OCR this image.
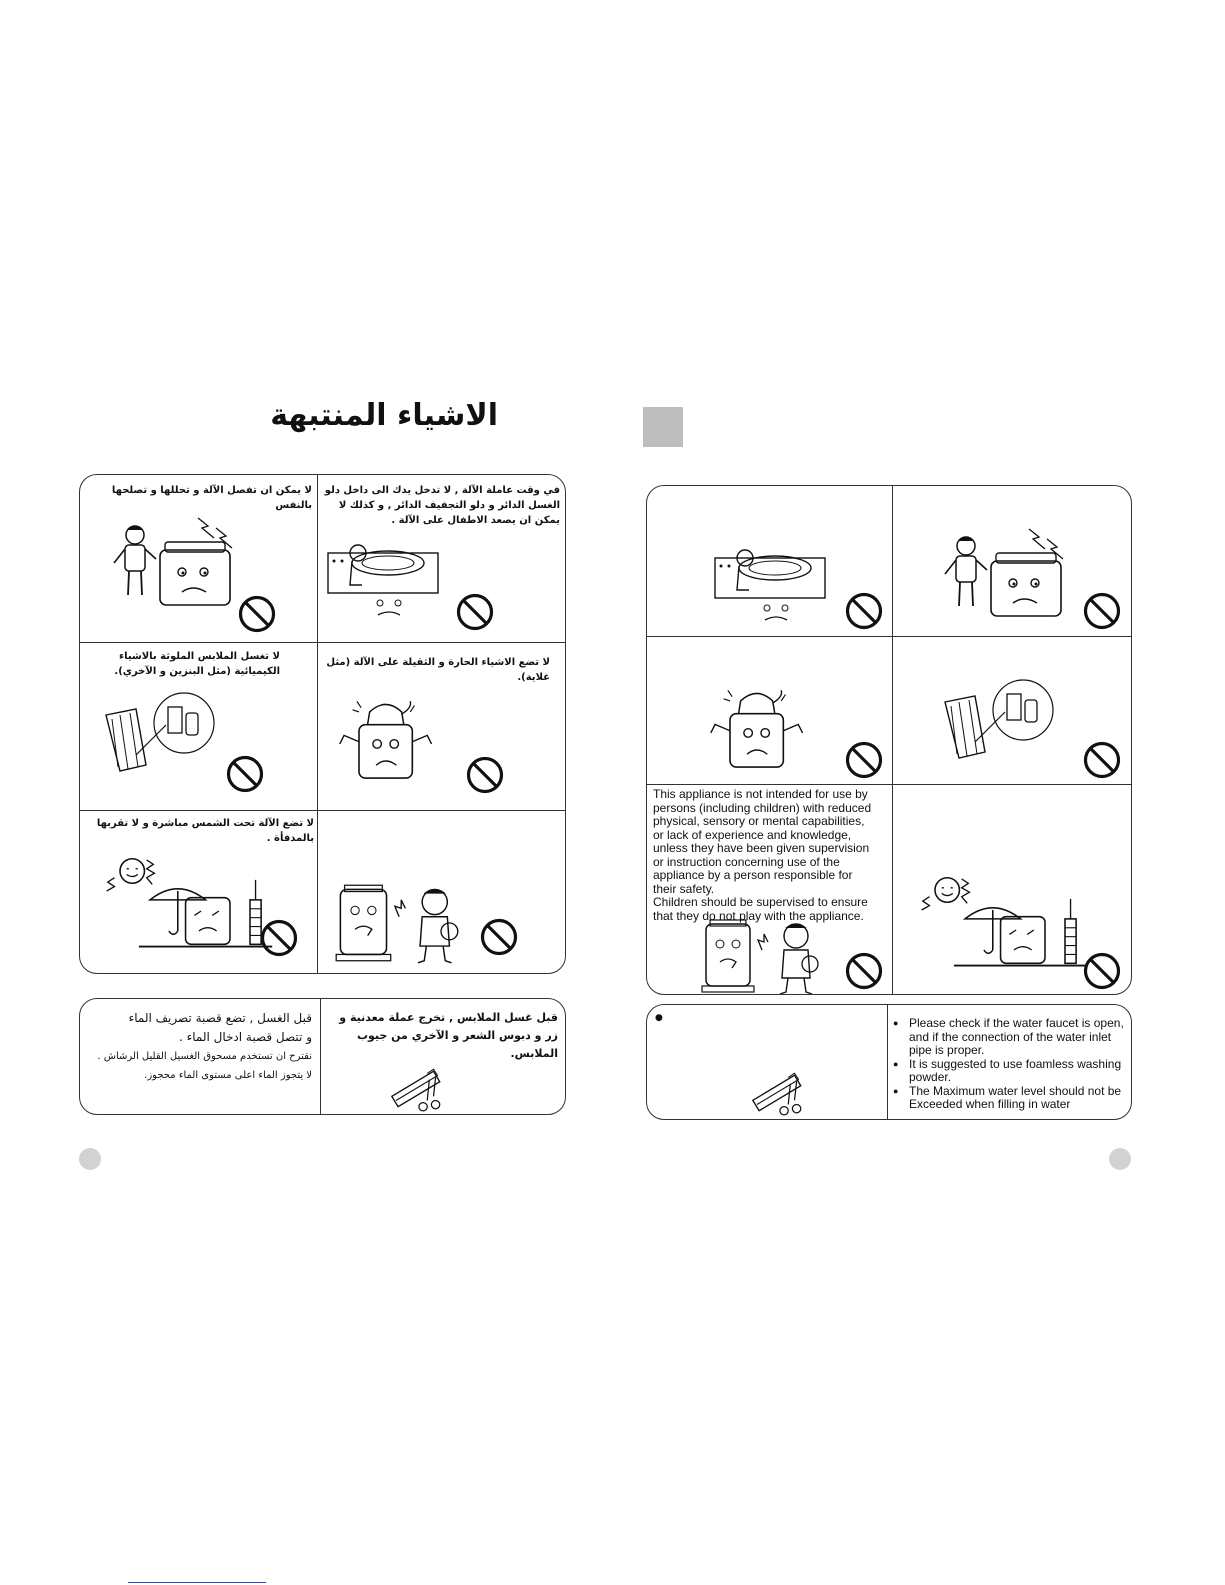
الاشياء المنتبهة
لا يمكن ان تفصل الآلة و تحللها و تصلحها بالنفس
في وقت عاملة الآلة , لا تدخل يدك الى داخل دلو الغسل الدائر و دلو التجفيف الدائر , و كذلك لا يمكن ان يصعد الاطفال على الآلة .
لا تغسل الملابس الملوثة بالاشياء الكيميائية (مثل البنزين و الآخري).
لا تضع الاشياء الحارة و الثقيلة على الآلة (مثل غلاية).
لا تضع الآلة تحت الشمس مباشرة و لا تقربها بالمدفأة .
قبل الغسل , تضع قصبة تصريف الماء
و تتصل قصبة ادخال الماء .
نقترح ان تستخدم مسحوق الغسيل القليل الرشاش .
لا يتجوز الماء اعلى مستوى الماء محجوز.
قبل غسل الملابس , تخرج عملة معدنية و زر و دبوس الشعر و الآخري من جيوب الملابس.
This appliance is not intended for use by
persons (including children) with reduced
physical, sensory or mental capabilities,
or lack of experience and knowledge,
unless they have been given supervision
or instruction concerning use of the
appliance by a person responsible for
their safety.
Children should be supervised to ensure
that they do not play with the appliance.
●
●	Please check if the water faucet is open, and if the connection of the water inlet pipe is proper.
● It is suggested to use foamless washing powder.
● The Maximum water level should not be Exceeded when filling in water
